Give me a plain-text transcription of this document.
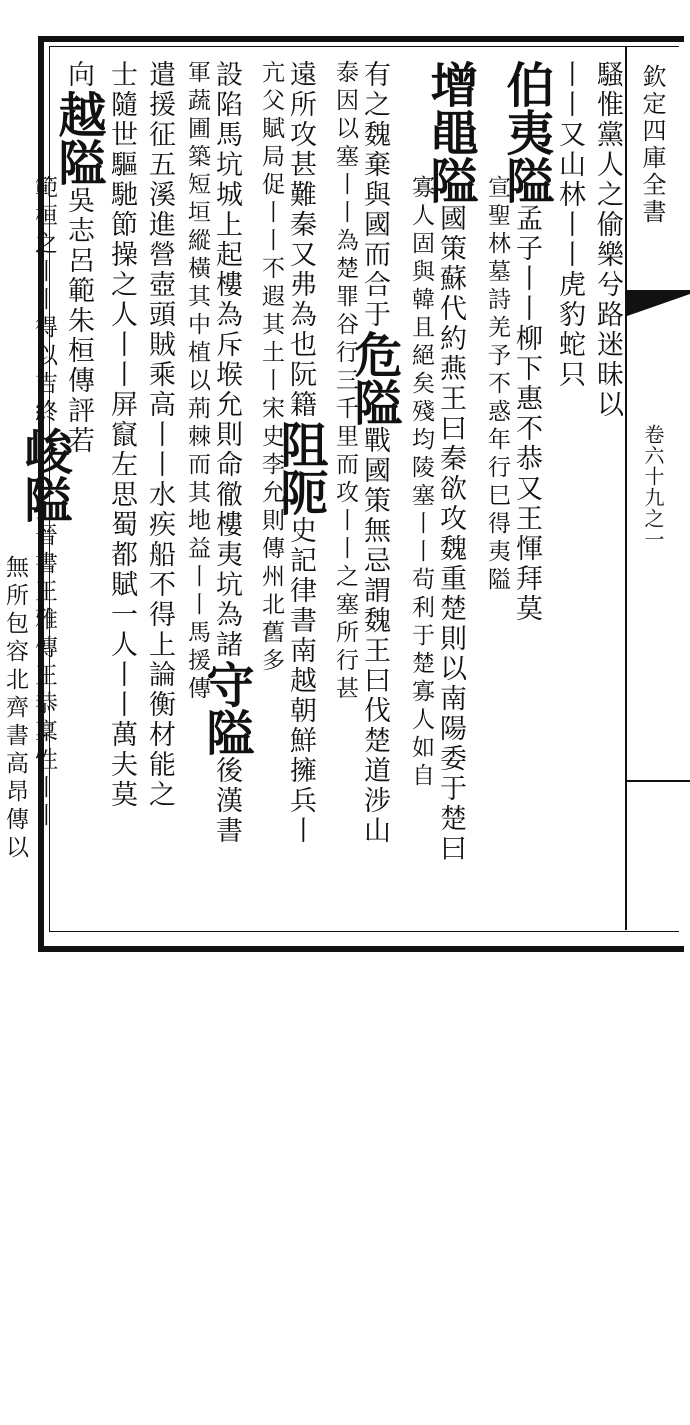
欽定四庫全書
卷六十九之一
騷惟黨人之偷樂兮路迷昧以
丨丨又山林丨丨虎豹蛇只
伯夷隘孟子丨丨柳下惠不恭又王惲拜莫
宣聖林墓詩羌予不惑年行巳得夷隘
增黽隘國策蘇代約燕王曰秦欲攻魏重楚則以南陽委于楚曰
寡人固與韓且絕矣殘均陵塞丨丨茍利于楚寡人如自
有之魏棄與國而合于危隘戰國策無忌謂魏王曰伐楚道涉山
泰因以塞丨丨為楚罪谷行三千里而攻丨丨之塞所行甚
遠所攻甚難秦又弗為也阮籍阻阨史記律書南越朝鮮擁兵丨
亢父賦局促丨丨不遐其土丨宋史李允則傳州北舊多
設陷馬坑城上起樓為斥堠允則命徹樓夷坑為諸守隘後漢書
軍蔬圃築短垣縱橫其中植以荊棘而其地益丨丨馬援傳
遣援征五溪進營壺頭賊乘高丨丨水疾船不得上論衡材能之
士隨世驅馳節操之人丨丨屏竄左思蜀都賦一人丨丨萬夫莫
向越隘吳志呂範朱桓傳評若
範桓之丨丨得以吉終峻隘晉書王雅傳王恭稟性丨丨
無所包容北齊書高昂傳以
